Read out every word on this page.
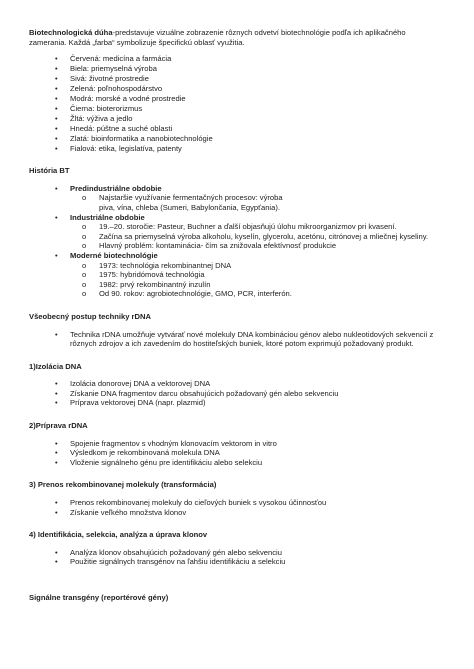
Biotechnologická dúha-predstavuje vizuálne zobrazenie rôznych odvetví biotechnológie podľa ich aplikačného zamerania. Každá „farba“ symbolizuje špecifickú oblasť využitia.

• Červená: medicína a farmácia
• Biela: priemyselná výroba
• Sivá: životné prostredie
• Zelená: poľnohospodárstvo
• Modrá: morské a vodné prostredie
• Čierna: bioterorizmus
• Žltá: výživa a jedlo
• Hnedá: púštne a suché oblasti
• Zlatá: bioinformatika a nanobiotechnológie
• Fialová: etika, legislatíva, patenty

História BT

• Predindustriálne obdobie
o Najstaršie využívanie fermentačných procesov: výroba piva, vína, chleba (Sumeri, Babylončania, Egypťania).
• Industriálne obdobie
o 19.–20. storočie: Pasteur, Buchner a ďalší objasňujú úlohu mikroorganizmov pri kvasení.
o Začína sa priemyselná výroba alkoholu, kyselín, glycerolu, acetónu, citrónovej a mliečnej kyseliny.
o Hlavný problém: kontaminácia- čím sa znižovala efektívnosť produkcie
• Moderné biotechnológie
o 1973: technológia rekombinantnej DNA
o 1975: hybridómová technológia
o 1982: prvý rekombinantný inzulín
o Od 90. rokov: agrobiotechnológie, GMO, PCR, interferón.

Všeobecný postup techniky rDNA

• Technika rDNA umožňuje vytvárať nové molekuly DNA kombináciou génov alebo nukleotidových sekvencií z rôznych zdrojov a ich zavedením do hostiteľských buniek, ktoré potom exprimujú požadovaný produkt.

1)Izolácia DNA

• Izolácia donorovej DNA a vektorovej DNA
• Získanie DNA fragmentov darcu obsahujúcich požadovaný gén alebo sekvenciu
• Príprava vektorovej DNA (napr. plazmid)

2)Príprava rDNA

• Spojenie fragmentov s vhodným klonovacím vektorom in vitro
• Výsledkom je rekombinovaná molekula DNA
• Vloženie signálneho génu pre identifikáciu alebo selekciu

3) Prenos rekombinovanej molekuly (transformácia)

• Prenos rekombinovanej molekuly do cieľových buniek s vysokou účinnosťou
• Získanie veľkého množstva klonov

4) Identifikácia, selekcia, analýza a úprava klonov

• Analýza klonov obsahujúcich požadovaný gén alebo sekvenciu
• Použitie signálnych transgénov na ľahšiu identifikáciu a selekciu

Signálne transgény (reportérové gény)
